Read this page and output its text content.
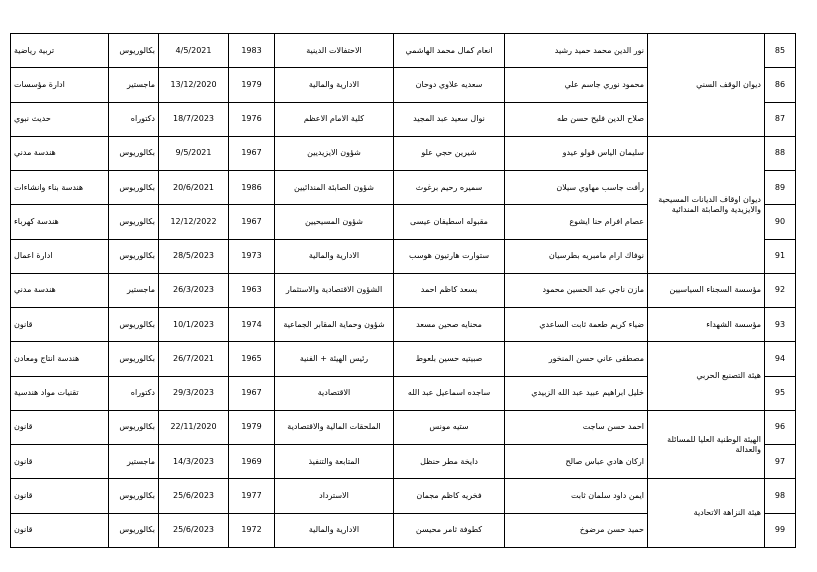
85	ديوان الوقف السني	نور الدين محمد حميد رشيد	انعام كمال محمد الهاشمي	الاحتفالات الدينية	1983	4/5/2021	بكالوريوس	تربية رياضية
86		محمود نوري جاسم علي	سعديه علاوي دوحان	الادارية والمالية	1979	13/12/2020	ماجستير	ادارة مؤسسات
87		صلاح الدين فليح حسن طه	نوال سعيد عبد المجيد	كلية الامام الاعظم	1976	18/7/2023	دكتوراه	حديث نبوي
88	ديوان اوقاف الديانات المسيحية والايزيدية والصابئة المندائية	سليمان الياس قولو عيدو	شيرين حجي علو	شؤون الايزيديين	1967	9/5/2021	بكالوريوس	هندسة مدني
89		رأفت جاسب مهاوي سيلان	سميره رحيم برغوث	شؤون الصابئة المندائيين	1986	20/6/2021	بكالوريوس	هندسة بناء وانشاءات
90		عصام افرام حنا ايشوع	مقبوله اسطيفان عيسى	شؤون المسيحيين	1967	12/12/2022	بكالوريوس	هندسة كهرباء
91		نوفاك ارام مامبريه بطرسيان	ستوارت هارتيون هوسب	الادارية والمالية	1973	28/5/2023	بكالوريوس	ادارة اعمال
92	مؤسسة السجناء السياسيين	مازن ناجي عبد الحسين محمود	بسعد كاظم احمد	الشؤون الاقتصادية والاستثمار	1963	26/3/2023	ماجستير	هندسة مدني
93	مؤسسة الشهداء	ضياء كريم طعمة ثابت الساعدي	محنايه صحين مسعد	شؤون وحماية المقابر الجماعية	1974	10/1/2023	بكالوريوس	قانون
94	هيئة التصنيع الحربي	مصطفى عاني حسن المنخور	صبيتيه حسين بلعوط	رئيس الهيئة + الفنية	1965	26/7/2021	بكالوريوس	هندسة انتاج ومعادن
95		خليل ابراهيم عبيد عبد الله الزبيدي	ساجده اسماعيل عبد الله	الاقتصادية	1967	29/3/2023	دكتوراه	تقنيات مواد هندسية
96	الهيئة الوطنية العليا للمسائلة والعدالة	احمد حسن ساجت	ستيه مونس	الملحقات المالية والاقتصادية	1979	22/11/2020	بكالوريوس	قانون
97		اركان هادي عباس صالح	دايخة مطر حنظل	المتابعة والتنفيذ	1969	14/3/2023	ماجستير	قانون
98	هيئة النزاهة الاتحادية	ايمن داود سلمان ثابت	فخريه كاظم مجمان	الاسترداد	1977	25/6/2023	بكالوريوس	قانون
99		حميد حسن مرضوخ	كطوفة ثامر محيسن	الادارية والمالية	1972	25/6/2023	بكالوريوس	قانون
